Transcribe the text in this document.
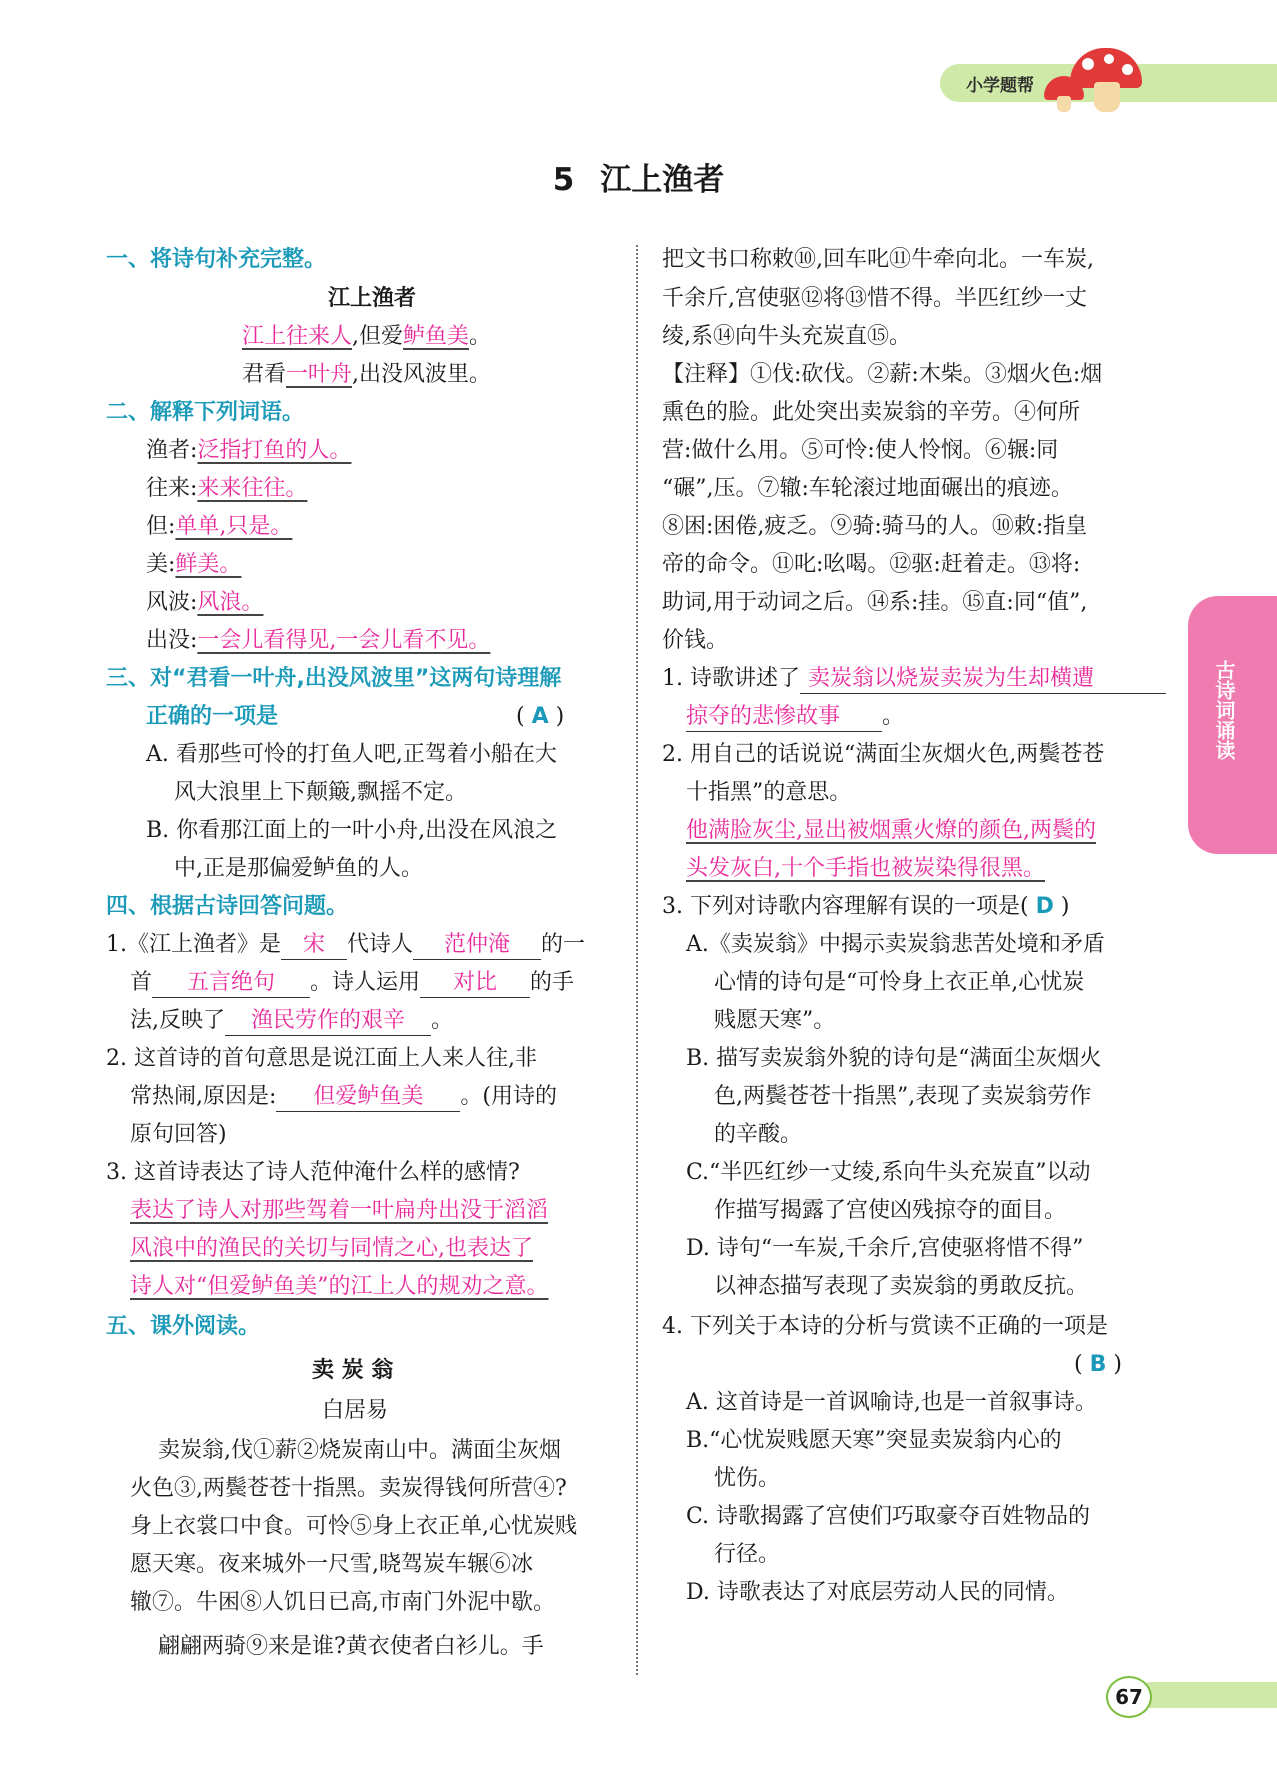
小学题帮
5 江上渔者
古诗词诵读
一、将诗句补充完整。
江上渔者
江上往来人,但爱鲈鱼美。
君看一叶舟,出没风波里。
二、解释下列词语。
渔者:泛指打鱼的人。
往来:来来往往。
但:单单,只是。
美:鲜美。
风波:风浪。
出没:一会儿看得见,一会儿看不见。
三、对“君看一叶舟,出没风波里”这两句诗理解
正确的一项是	( A )
A. 看那些可怜的打鱼人吧,正驾着小船在大
风大浪里上下颠簸,飘摇不定。
B. 你看那江面上的一叶小舟,出没在风浪之
中,正是那偏爱鲈鱼的人。
四、根据古诗回答问题。
1.《江上渔者》是 宋 代诗人 范仲淹 的一
首 五言绝句 。诗人运用 对比 的手
法,反映了 渔民劳作的艰辛 。
2. 这首诗的首句意思是说江面上人来人往,非
常热闹,原因是: 但爱鲈鱼美 。(用诗的
原句回答)
3. 这首诗表达了诗人范仲淹什么样的感情?
表达了诗人对那些驾着一叶扁舟出没于滔滔
风浪中的渔民的关切与同情之心,也表达了
诗人对“但爱鲈鱼美”的江上人的规劝之意。
五、课外阅读。
卖 炭 翁
白居易
卖炭翁,伐①薪②烧炭南山中。满面尘灰烟
火色③,两鬓苍苍十指黑。卖炭得钱何所营④?
身上衣裳口中食。可怜⑤身上衣正单,心忧炭贱
愿天寒。夜来城外一尺雪,晓驾炭车辗⑥冰
辙⑦。牛困⑧人饥日已高,市南门外泥中歇。
翩翩两骑⑨来是谁?黄衣使者白衫儿。手
把文书口称敕⑩,回车叱⑪牛牵向北。一车炭,
千余斤,宫使驱⑫将⑬惜不得。半匹红纱一丈
绫,系⑭向牛头充炭直⑮。
【注释】①伐:砍伐。②薪:木柴。③烟火色:烟
熏色的脸。此处突出卖炭翁的辛劳。④何所
营:做什么用。⑤可怜:使人怜悯。⑥辗:同
“碾”,压。⑦辙:车轮滚过地面碾出的痕迹。
⑧困:困倦,疲乏。⑨骑:骑马的人。⑩敕:指皇
帝的命令。⑪叱:吆喝。⑫驱:赶着走。⑬将:
助词,用于动词之后。⑭系:挂。⑮直:同“值”,
价钱。
1. 诗歌讲述了 卖炭翁以烧炭卖炭为生却横遭
掠夺的悲惨故事 。
2. 用自己的话说说“满面尘灰烟火色,两鬓苍苍
十指黑”的意思。
他满脸灰尘,显出被烟熏火燎的颜色,两鬓的
头发灰白,十个手指也被炭染得很黑。
3. 下列对诗歌内容理解有误的一项是( D )
A.《卖炭翁》中揭示卖炭翁悲苦处境和矛盾
心情的诗句是“可怜身上衣正单,心忧炭
贱愿天寒”。
B. 描写卖炭翁外貌的诗句是“满面尘灰烟火
色,两鬓苍苍十指黑”,表现了卖炭翁劳作
的辛酸。
C.“半匹红纱一丈绫,系向牛头充炭直”以动
作描写揭露了宫使凶残掠夺的面目。
D. 诗句“一车炭,千余斤,宫使驱将惜不得”
以神态描写表现了卖炭翁的勇敢反抗。
4. 下列关于本诗的分析与赏读不正确的一项是
( B )
A. 这首诗是一首讽喻诗,也是一首叙事诗。
B.“心忧炭贱愿天寒”突显卖炭翁内心的
忧伤。
C. 诗歌揭露了宫使们巧取豪夺百姓物品的
行径。
D. 诗歌表达了对底层劳动人民的同情。
67
